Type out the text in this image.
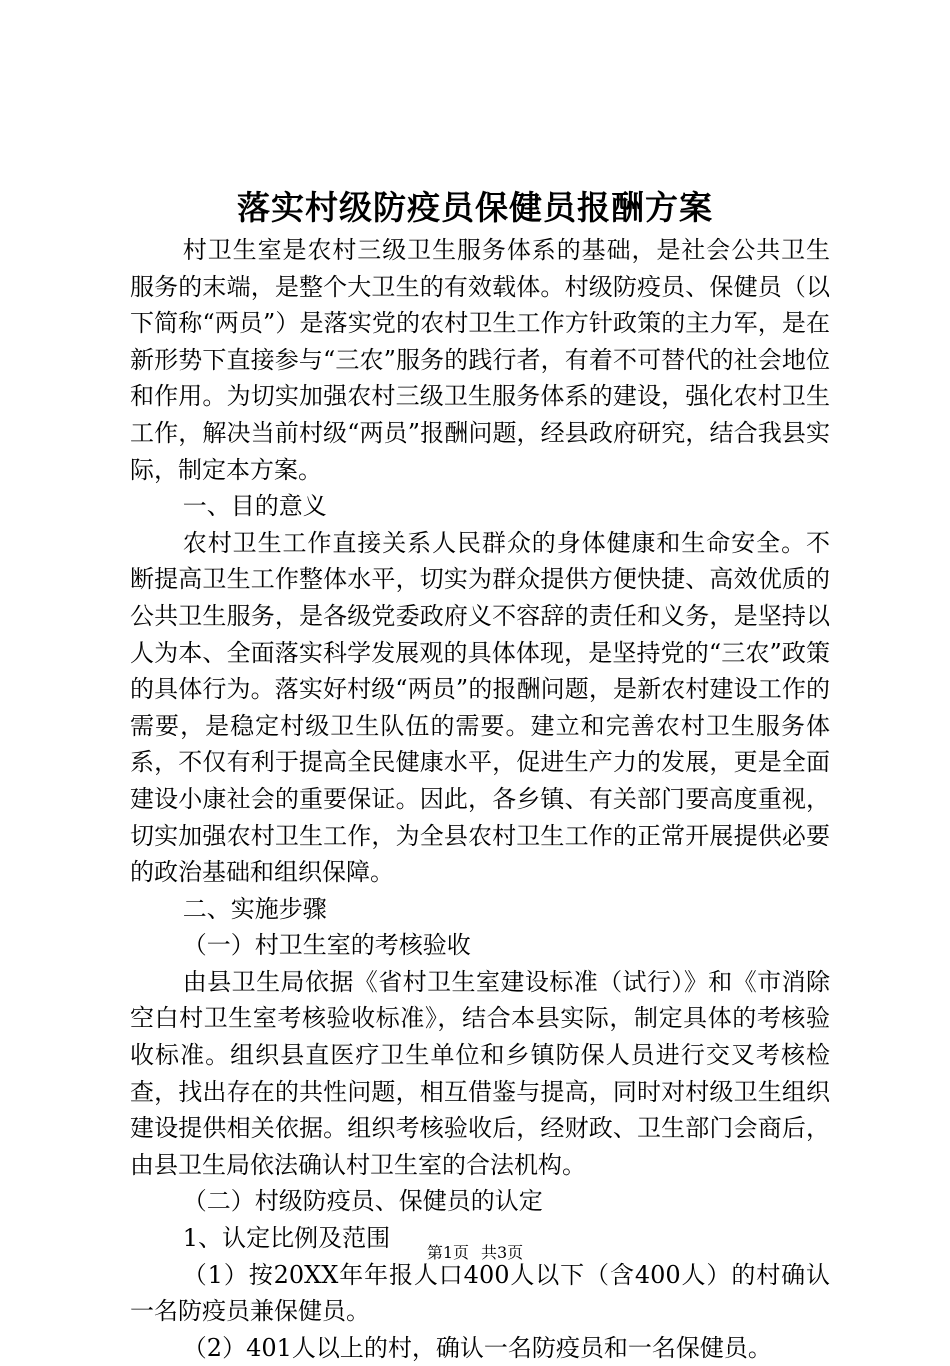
落实村级防疫员保健员报酬方案

村卫生室是农村三级卫生服务体系的基础，是社会公共卫生服务的末端，是整个大卫生的有效载体。村级防疫员、保健员（以下简称“两员”）是落实党的农村卫生工作方针政策的主力军，是在新形势下直接参与“三农”服务的践行者，有着不可替代的社会地位和作用。为切实加强农村三级卫生服务体系的建设，强化农村卫生工作，解决当前村级“两员”报酬问题，经县政府研究，结合我县实际，制定本方案。

一、目的意义

农村卫生工作直接关系人民群众的身体健康和生命安全。不断提高卫生工作整体水平，切实为群众提供方便快捷、高效优质的公共卫生服务，是各级党委政府义不容辞的责任和义务，是坚持以人为本、全面落实科学发展观的具体体现，是坚持党的“三农”政策的具体行为。落实好村级“两员”的报酬问题，是新农村建设工作的需要，是稳定村级卫生队伍的需要。建立和完善农村卫生服务体系，不仅有利于提高全民健康水平，促进生产力的发展，更是全面建设小康社会的重要保证。因此，各乡镇、有关部门要高度重视，切实加强农村卫生工作，为全县农村卫生工作的正常开展提供必要的政治基础和组织保障。

二、实施步骤

（一）村卫生室的考核验收

由县卫生局依据《省村卫生室建设标准（试行）》和《市消除空白村卫生室考核验收标准》，结合本县实际，制定具体的考核验收标准。组织县直医疗卫生单位和乡镇防保人员进行交叉考核检查，找出存在的共性问题，相互借鉴与提高，同时对村级卫生组织建设提供相关依据。组织考核验收后，经财政、卫生部门会商后，由县卫生局依法确认村卫生室的合法机构。

（二）村级防疫员、保健员的认定

1、认定比例及范围

（1）按20XX年年报人口400人以下（含400人）的村确认一名防疫员兼保健员。

（2）401人以上的村，确认一名防疫员和一名保健员。

第1页 共3页
